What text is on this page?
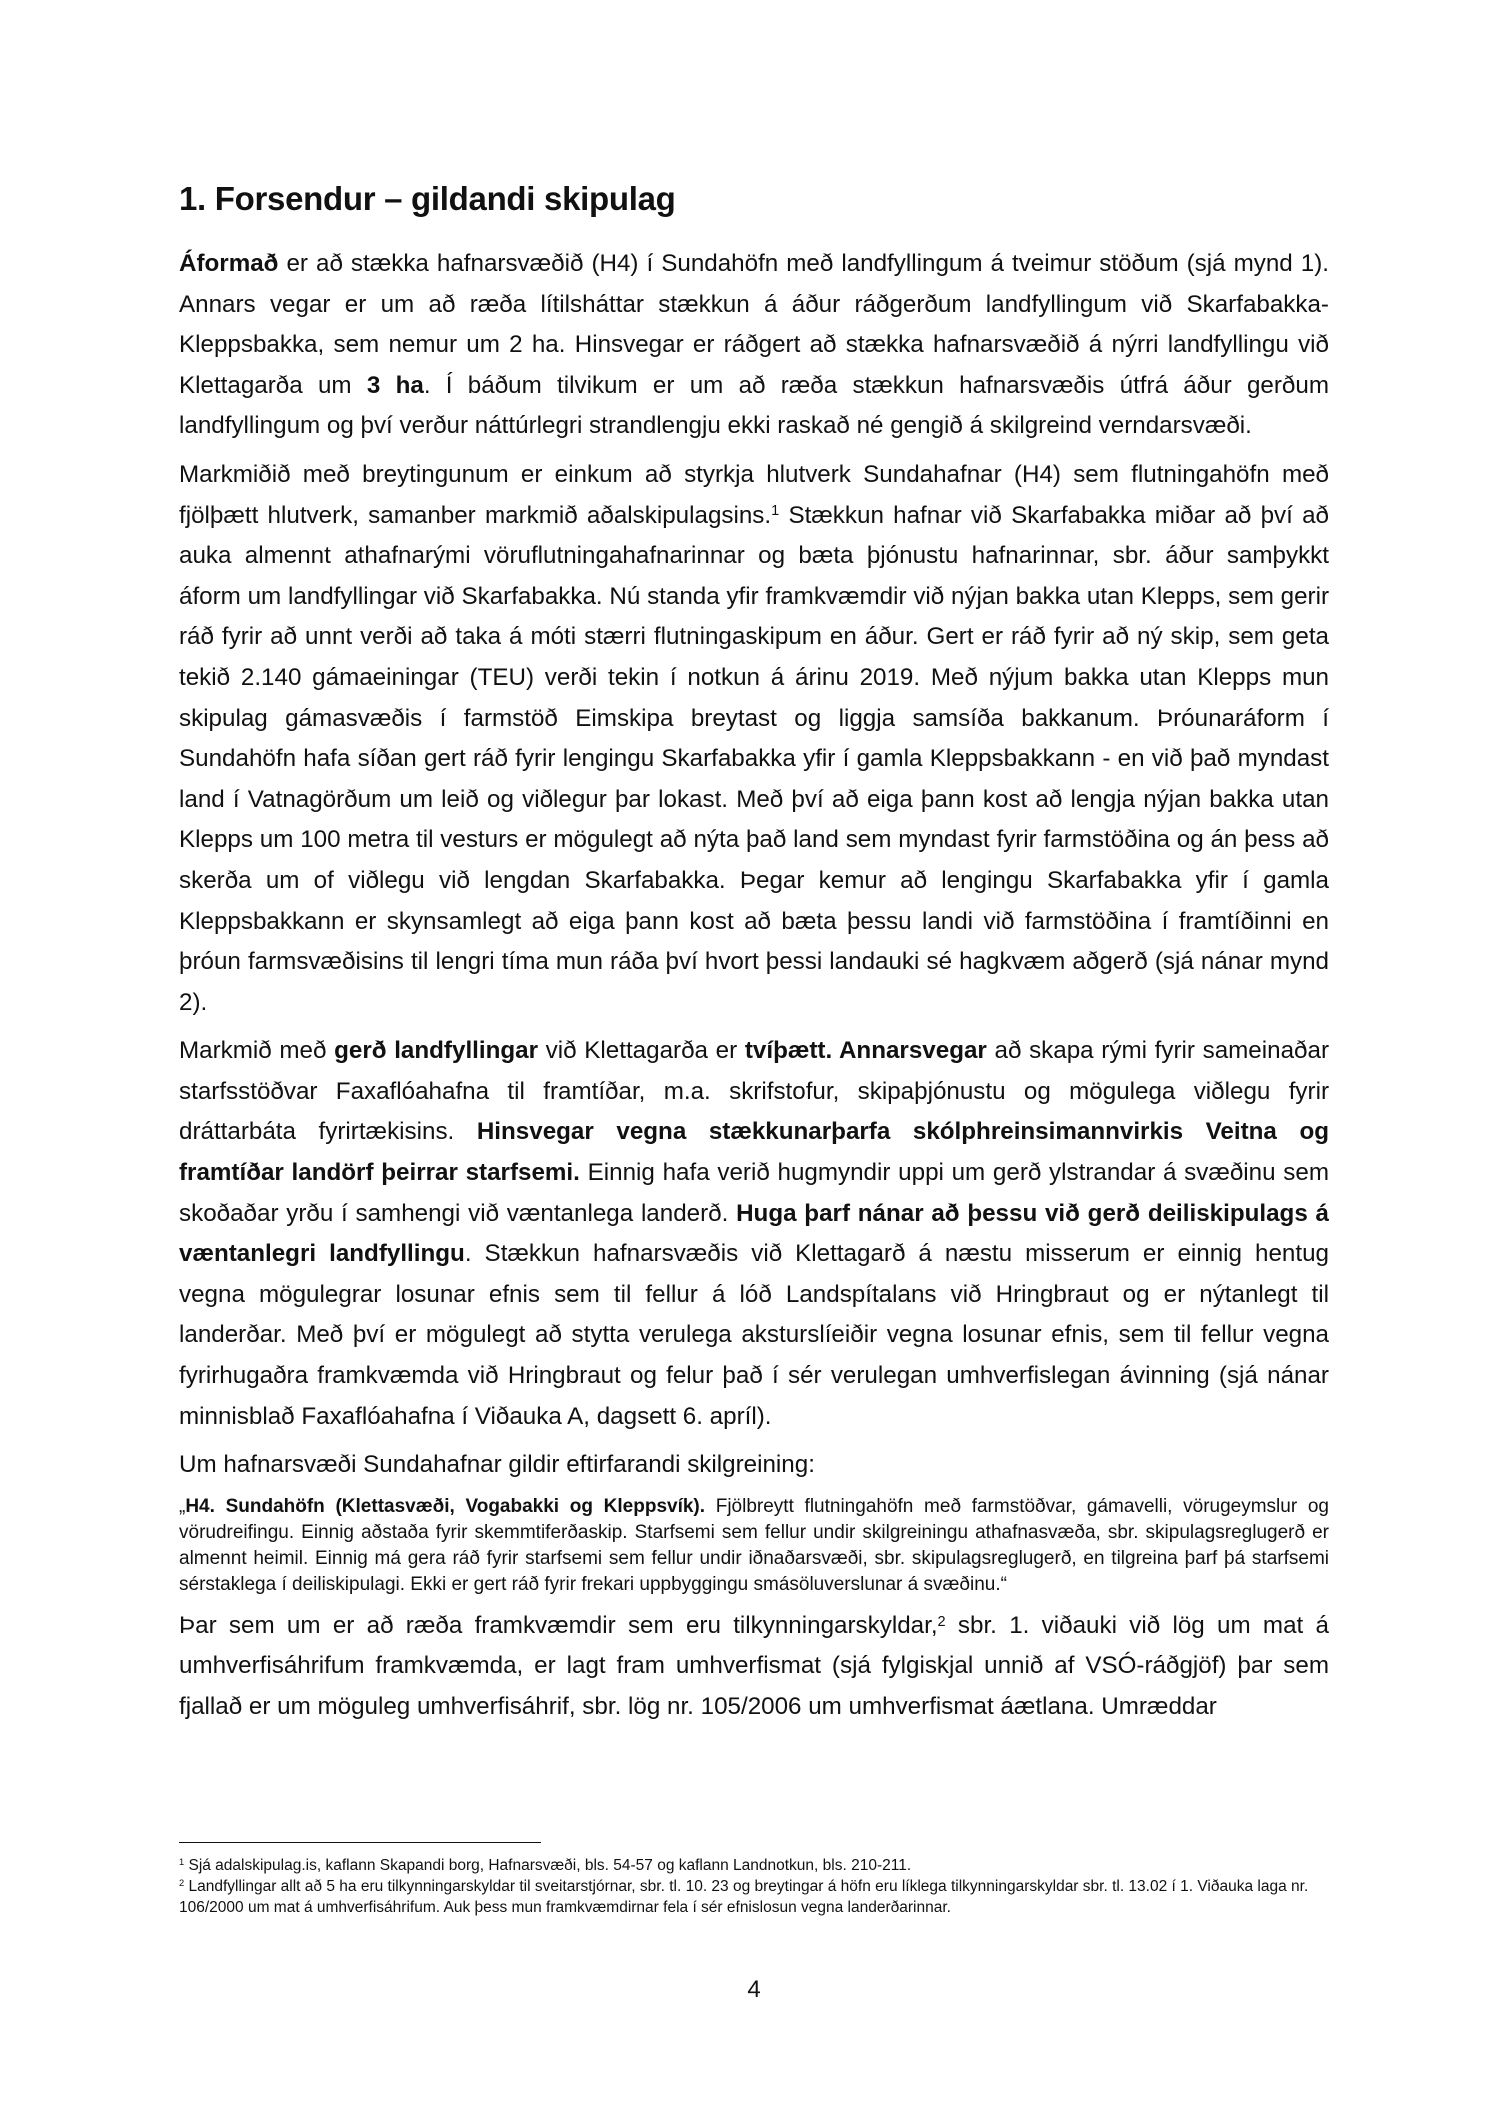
1. Forsendur – gildandi skipulag

Áformað er að stækka hafnarsvæðið (H4) í Sundahöfn með landfyllingum á tveimur stöðum (sjá mynd 1). Annars vegar er um að ræða lítilsháttar stækkun á áður ráðgerðum landfyllingum við Skarfabakka-Kleppsbakka, sem nemur um 2 ha. Hinsvegar er ráðgert að stækka hafnarsvæðið á nýrri landfyllingu við Klettagarða um 3 ha. Í báðum tilvikum er um að ræða stækkun hafnarsvæðis útfrá áður gerðum landfyllingum og því verður náttúrlegri strandlengju ekki raskað né gengið á skilgreind verndarsvæði.

Markmiðið með breytingunum er einkum að styrkja hlutverk Sundahafnar (H4) sem flutningahöfn með fjölþætt hlutverk, samanber markmið aðalskipulagsins.$^1$ Stækkun hafnar við Skarfabakka miðar að því að auka almennt athafnarými vöruflutningahafnarinnar og bæta þjónustu hafnarinnar, sbr. áður samþykkt áform um landfyllingar við Skarfabakka. Nú standa yfir framkvæmdir við nýjan bakka utan Klepps, sem gerir ráð fyrir að unnt verði að taka á móti stærri flutningaskipum en áður. Gert er ráð fyrir að ný skip, sem geta tekið 2.140 gámaeiningar (TEU) verði tekin í notkun á árinu 2019. Með nýjum bakka utan Klepps mun skipulag gámasvæðis í farmstöð Eimskipa breytast og liggja samsíða bakkanum. Þróunaráform í Sundahöfn hafa síðan gert ráð fyrir lengingu Skarfabakka yfir í gamla Kleppsbakkann - en við það myndast land í Vatnagörðum um leið og viðlegur þar lokast. Með því að eiga þann kost að lengja nýjan bakka utan Klepps um 100 metra til vesturs er mögulegt að nýta það land sem myndast fyrir farmstöðina og án þess að skerða um of viðlegu við lengdan Skarfabakka. Þegar kemur að lengingu Skarfabakka yfir í gamla Kleppsbakkann er skynsamlegt að eiga þann kost að bæta þessu landi við farmstöðina í framtíðinni en þróun farmsvæðisins til lengri tíma mun ráða því hvort þessi landauki sé hagkvæm aðgerð (sjá nánar mynd 2).

Markmið með gerð landfyllingar við Klettagarða er tvíþætt. Annarsvegar að skapa rými fyrir sameinaðar starfsstöðvar Faxaflóahafna til framtíðar, m.a. skrifstofur, skipaþjónustu og mögulega viðlegu fyrir dráttarbáta fyrirtækisins. Hinsvegar vegna stækkunarþarfa skólphreinsimannvirkis Veitna og framtíðar landörf þeirrar starfsemi. Einnig hafa verið hugmyndir uppi um gerð ylstrandar á svæðinu sem skoðaðar yrðu í samhengi við væntanlega landerð. Huga þarf nánar að þessu við gerð deiliskipulags á væntanlegri landfyllingu. Stækkun hafnarsvæðis við Klettagarð á næstu misserum er einnig hentug vegna mögulegrar losunar efnis sem til fellur á lóð Landspítalans við Hringbraut og er nýtanlegt til landerðar. Með því er mögulegt að stytta verulega aksturslíeiðir vegna losunar efnis, sem til fellur vegna fyrirhugaðra framkvæmda við Hringbraut og felur það í sér verulegan umhverfislegan ávinning (sjá nánar minnisblað Faxaflóahafna í Viðauka A, dagsett 6. apríl).

Um hafnarsvæði Sundahafnar gildir eftirfarandi skilgreining:

„H4. Sundahöfn (Klettasvæði, Vogabakki og Kleppsvík). Fjölbreytt flutningahöfn með farmstöðvar, gámavelli, vörugeymslur og vörudreifingu. Einnig aðstaða fyrir skemmtiferðaskip. Starfsemi sem fellur undir skilgreiningu athafnasvæða, sbr. skipulagsreglugerð er almennt heimil. Einnig má gera ráð fyrir starfsemi sem fellur undir iðnaðarsvæði, sbr. skipulagsreglugerð, en tilgreina þarf þá starfsemi sérstaklega í deiliskipulagi. Ekki er gert ráð fyrir frekari uppbyggingu smásöluverslunar á svæðinu.“

Þar sem um er að ræða framkvæmdir sem eru tilkynningarskyldar,$^2$ sbr. 1. viðauki við lög um mat á umhverfisáhrifum framkvæmda, er lagt fram umhverfismat (sjá fylgiskjal unnið af VSÓ-ráðgjöf) þar sem fjallað er um möguleg umhverfisáhrif, sbr. lög nr. 105/2006 um umhverfismat áætlana. Umræddar

$^1$ Sjá adalskipulag.is, kaflann Skapandi borg, Hafnarsvæði, bls. 54-57 og kaflann Landnotkun, bls. 210-211.

$^2$ Landfyllingar allt að 5 ha eru tilkynningarskyldar til sveitarstjórnar, sbr. tl. 10. 23 og breytingar á höfn eru líklega tilkynningarskyldar sbr. tl. 13.02 í 1. Viðauka laga nr. 106/2000 um mat á umhverfisáhrifum. Auk þess mun framkvæmdirnar fela í sér efnislosun vegna landerðarinnar.

4
